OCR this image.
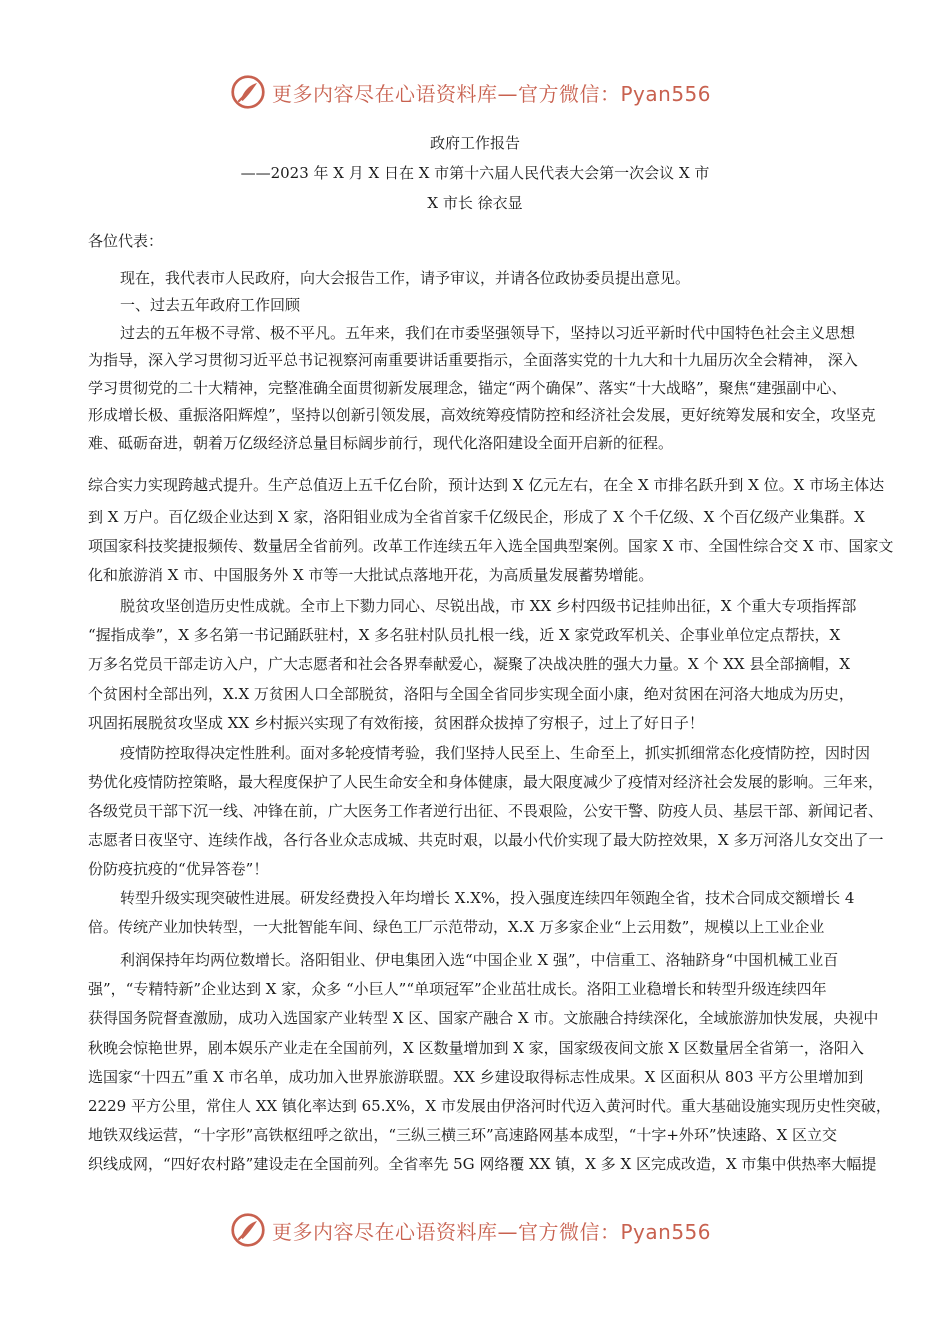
更多内容尽在心语资料库—官方微信：Pyan556
政府工作报告
——2023 年 X 月 X 日在 X 市第十六届人民代表大会第一次会议 X 市
X 市长 徐衣显
各位代表：
现在，我代表市人民政府，向大会报告工作，请予审议，并请各位政协委员提出意见。
一、过去五年政府工作回顾
过去的五年极不寻常、极不平凡。五年来，我们在市委坚强领导下，坚持以习近平新时代中国特色社会主义思想
为指导，深入学习贯彻习近平总书记视察河南重要讲话重要指示，全面落实党的十九大和十九届历次全会精神， 深入
学习贯彻党的二十大精神，完整准确全面贯彻新发展理念，锚定“两个确保”、落实“十大战略”，聚焦“建强副中心、
形成增长极、重振洛阳辉煌”，坚持以创新引领发展，高效统筹疫情防控和经济社会发展，更好统筹发展和安全，攻坚克
难、砥砺奋进，朝着万亿级经济总量目标阔步前行，现代化洛阳建设全面开启新的征程。
综合实力实现跨越式提升。生产总值迈上五千亿台阶，预计达到 X 亿元左右，在全 X 市排名跃升到 X 位。X 市场主体达
到 X 万户。百亿级企业达到 X 家，洛阳钼业成为全省首家千亿级民企，形成了 X 个千亿级、X 个百亿级产业集群。X
项国家科技奖捷报频传、数量居全省前列。改革工作连续五年入选全国典型案例。国家 X 市、全国性综合交 X 市、国家文
化和旅游消 X 市、中国服务外 X 市等一大批试点落地开花，为高质量发展蓄势增能。
脱贫攻坚创造历史性成就。全市上下勠力同心、尽锐出战，市 XX 乡村四级书记挂帅出征，X 个重大专项指挥部
“握指成拳”，X 多名第一书记踊跃驻村，X 多名驻村队员扎根一线，近 X 家党政军机关、企事业单位定点帮扶，X
万多名党员干部走访入户，广大志愿者和社会各界奉献爱心，凝聚了决战决胜的强大力量。X 个 XX 县全部摘帽，X
个贫困村全部出列，X.X 万贫困人口全部脱贫，洛阳与全国全省同步实现全面小康，绝对贫困在河洛大地成为历史，
巩固拓展脱贫攻坚成 XX 乡村振兴实现了有效衔接，贫困群众拔掉了穷根子，过上了好日子！
疫情防控取得决定性胜利。面对多轮疫情考验，我们坚持人民至上、生命至上，抓实抓细常态化疫情防控，因时因
势优化疫情防控策略，最大程度保护了人民生命安全和身体健康，最大限度减少了疫情对经济社会发展的影响。三年来，
各级党员干部下沉一线、冲锋在前，广大医务工作者逆行出征、不畏艰险，公安干警、防疫人员、基层干部、新闻记者、
志愿者日夜坚守、连续作战，各行各业众志成城、共克时艰，以最小代价实现了最大防控效果，X 多万河洛儿女交出了一
份防疫抗疫的“优异答卷”！
转型升级实现突破性进展。研发经费投入年均增长 X.X%，投入强度连续四年领跑全省，技术合同成交额增长 4
倍。传统产业加快转型，一大批智能车间、绿色工厂示范带动，X.X 万多家企业“上云用数”，规模以上工业企业
利润保持年均两位数增长。洛阳钼业、伊电集团入选“中国企业 X 强”，中信重工、洛轴跻身“中国机械工业百
强”，“专精特新”企业达到 X 家，众多 “小巨人”“单项冠军”企业茁壮成长。洛阳工业稳增长和转型升级连续四年
获得国务院督查激励，成功入选国家产业转型 X 区、国家产融合 X 市。文旅融合持续深化，全域旅游加快发展，央视中
秋晚会惊艳世界，剧本娱乐产业走在全国前列，X 区数量增加到 X 家，国家级夜间文旅 X 区数量居全省第一，洛阳入
选国家“十四五”重 X 市名单，成功加入世界旅游联盟。XX 乡建设取得标志性成果。X 区面积从 803 平方公里增加到
2229 平方公里，常住人 XX 镇化率达到 65.X%，X 市发展由伊洛河时代迈入黄河时代。重大基础设施实现历史性突破，
地铁双线运营，“十字形”高铁枢纽呼之欲出，“三纵三横三环”高速路网基本成型，“十字+外环”快速路、X 区立交
织线成网，“四好农村路”建设走在全国前列。全省率先 5G 网络覆 XX 镇，X 多 X 区完成改造，X 市集中供热率大幅提
更多内容尽在心语资料库—官方微信：Pyan556
